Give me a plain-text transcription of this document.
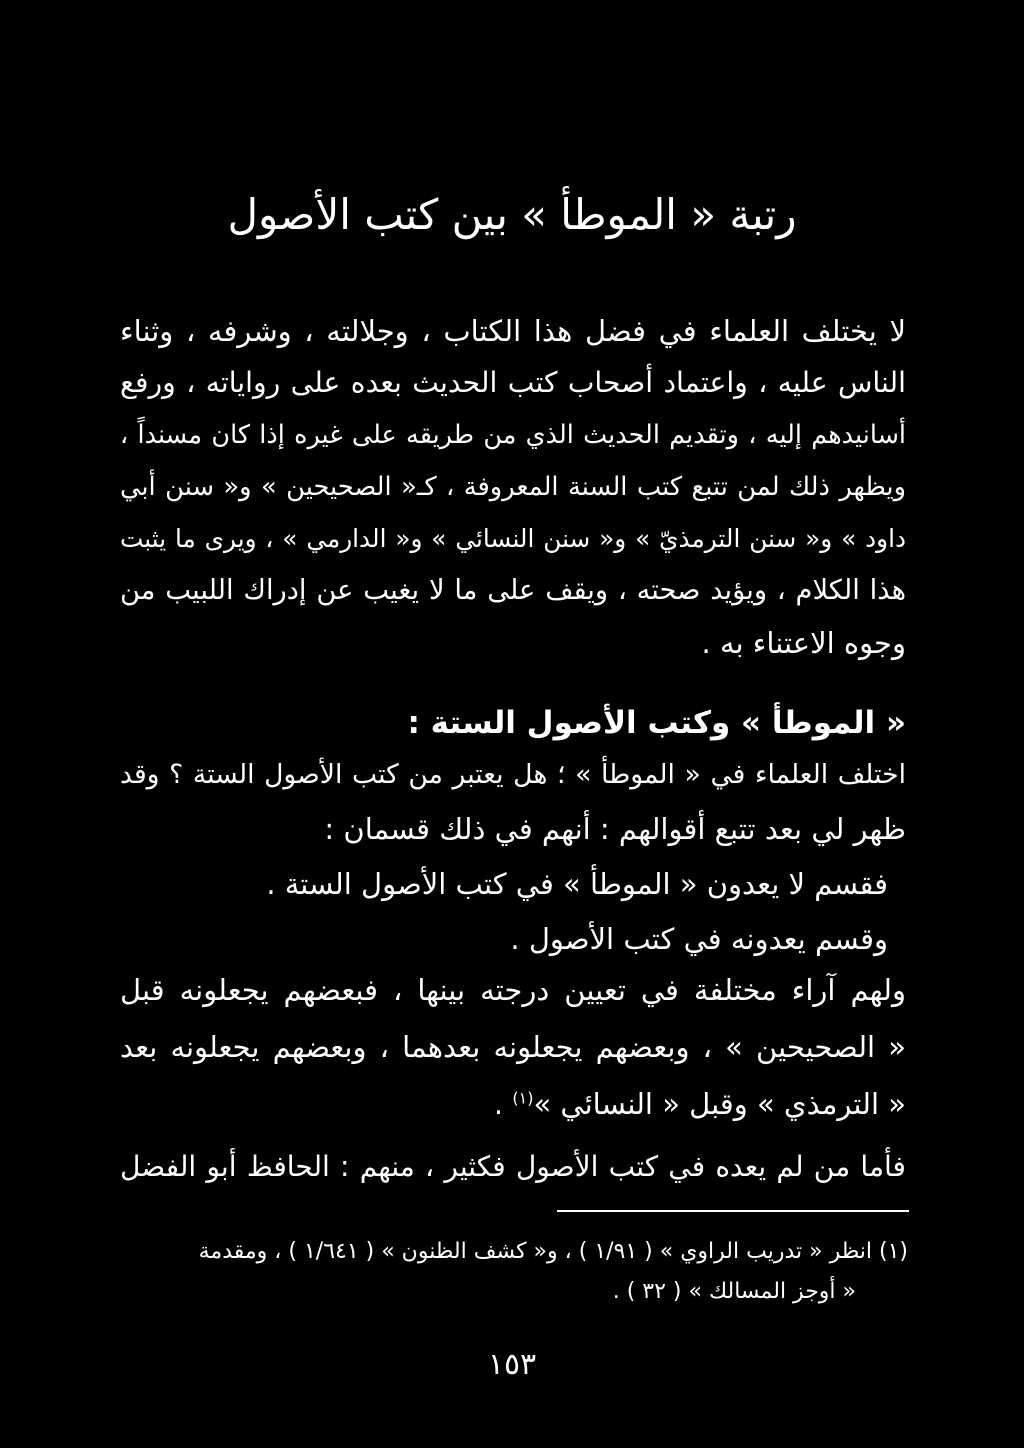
رتبة « الموطأ » بين كتب الأصول
لا يختلف العلماء في فضل هذا الكتاب ، وجلالته ، وشرفه ، وثناء
الناس عليه ، واعتماد أصحاب كتب الحديث بعده على رواياته ، ورفع
أسانيدهم إليه ، وتقديم الحديث الذي من طريقه على غيره إذا كان مسنداً ،
ويظهر ذلك لمن تتبع كتب السنة المعروفة ، كـ« الصحيحين » و« سنن أبي
داود » و« سنن الترمذيّ » و« سنن النسائي » و« الدارمي » ، ويرى ما يثبت
هذا الكلام ، ويؤيد صحته ، ويقف على ما لا يغيب عن إدراك اللبيب من
وجوه الاعتناء به .
« الموطأ » وكتب الأصول الستة :
اختلف العلماء في « الموطأ » ؛ هل يعتبر من كتب الأصول الستة ؟ وقد
ظهر لي بعد تتبع أقوالهم : أنهم في ذلك قسمان :
فقسم لا يعدون « الموطأ » في كتب الأصول الستة .
وقسم يعدونه في كتب الأصول .
ولهم آراء مختلفة في تعيين درجته بينها ، فبعضهم يجعلونه قبل
« الصحيحين » ، وبعضهم يجعلونه بعدهما ، وبعضهم يجعلونه بعد
« الترمذي » وقبل « النسائي »$^{(١)}$ .
فأما من لم يعده في كتب الأصول فكثير ، منهم : الحافظ أبو الفضل
(١) انظر « تدريب الراوي » ( ١/٩١ ) ، و« كشف الظنون » ( ١/٦٤١ ) ، ومقدمة
« أوجز المسالك » ( ٣٢ ) .
١٥٣
